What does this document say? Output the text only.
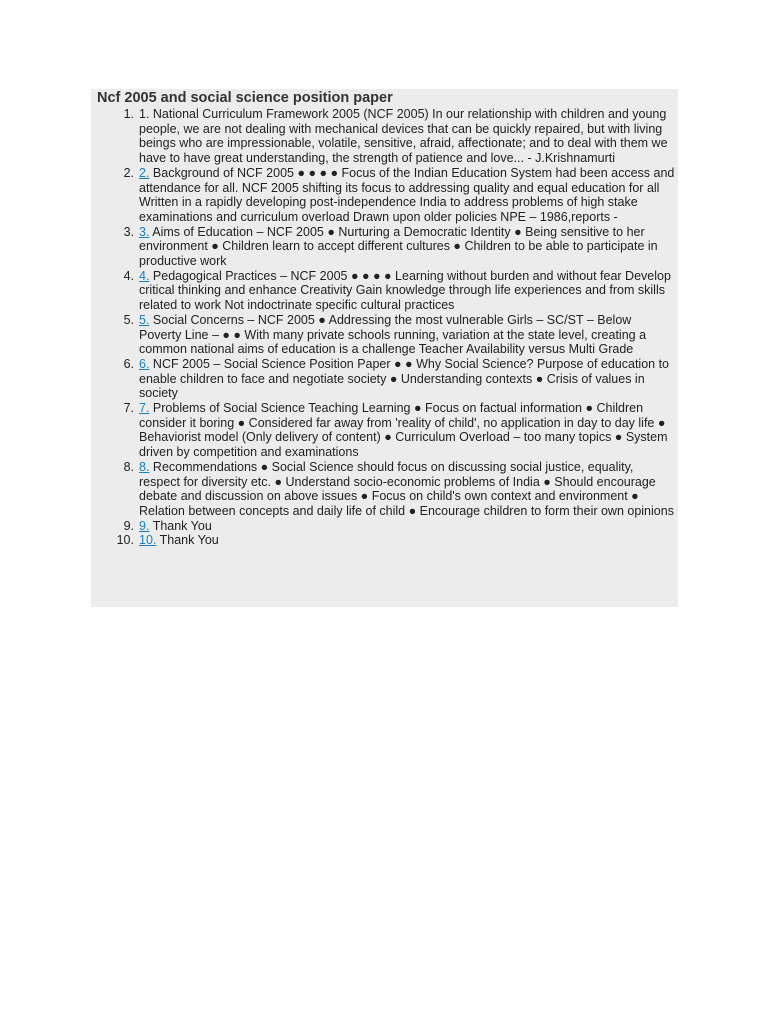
Ncf 2005 and social science position paper
1. 1. National Curriculum Framework 2005 (NCF 2005) In our relationship with children and young people, we are not dealing with mechanical devices that can be quickly repaired, but with living beings who are impressionable, volatile, sensitive, afraid, affectionate; and to deal with them we have to have great understanding, the strength of patience and love... - J.Krishnamurti
2. 2. Background of NCF 2005 ● ● ● ● Focus of the Indian Education System had been access and attendance for all. NCF 2005 shifting its focus to addressing quality and equal education for all Written in a rapidly developing post-independence India to address problems of high stake examinations and curriculum overload Drawn upon older policies NPE – 1986,reports -
3. 3. Aims of Education – NCF 2005 ● Nurturing a Democratic Identity ● Being sensitive to her environment ● Children learn to accept different cultures ● Children to be able to participate in productive work
4. 4. Pedagogical Practices – NCF 2005 ● ● ● ● Learning without burden and without fear Develop critical thinking and enhance Creativity Gain knowledge through life experiences and from skills related to work Not indoctrinate specific cultural practices
5. 5. Social Concerns – NCF 2005 ● Addressing the most vulnerable Girls – SC/ST – Below Poverty Line – ● ● With many private schools running, variation at the state level, creating a common national aims of education is a challenge Teacher Availability versus Multi Grade
6. 6. NCF 2005 – Social Science Position Paper ● ● Why Social Science? Purpose of education to enable children to face and negotiate society ● Understanding contexts ● Crisis of values in society
7. 7. Problems of Social Science Teaching Learning ● Focus on factual information ● Children consider it boring ● Considered far away from 'reality of child', no application in day to day life ● Behaviorist model (Only delivery of content) ● Curriculum Overload – too many topics ● System driven by competition and examinations
8. 8. Recommendations ● Social Science should focus on discussing social justice, equality, respect for diversity etc. ● Understand socio-economic problems of India ● Should encourage debate and discussion on above issues ● Focus on child's own context and environment ● Relation between concepts and daily life of child ● Encourage children to form their own opinions
9. 9. Thank You
10. 10. Thank You
